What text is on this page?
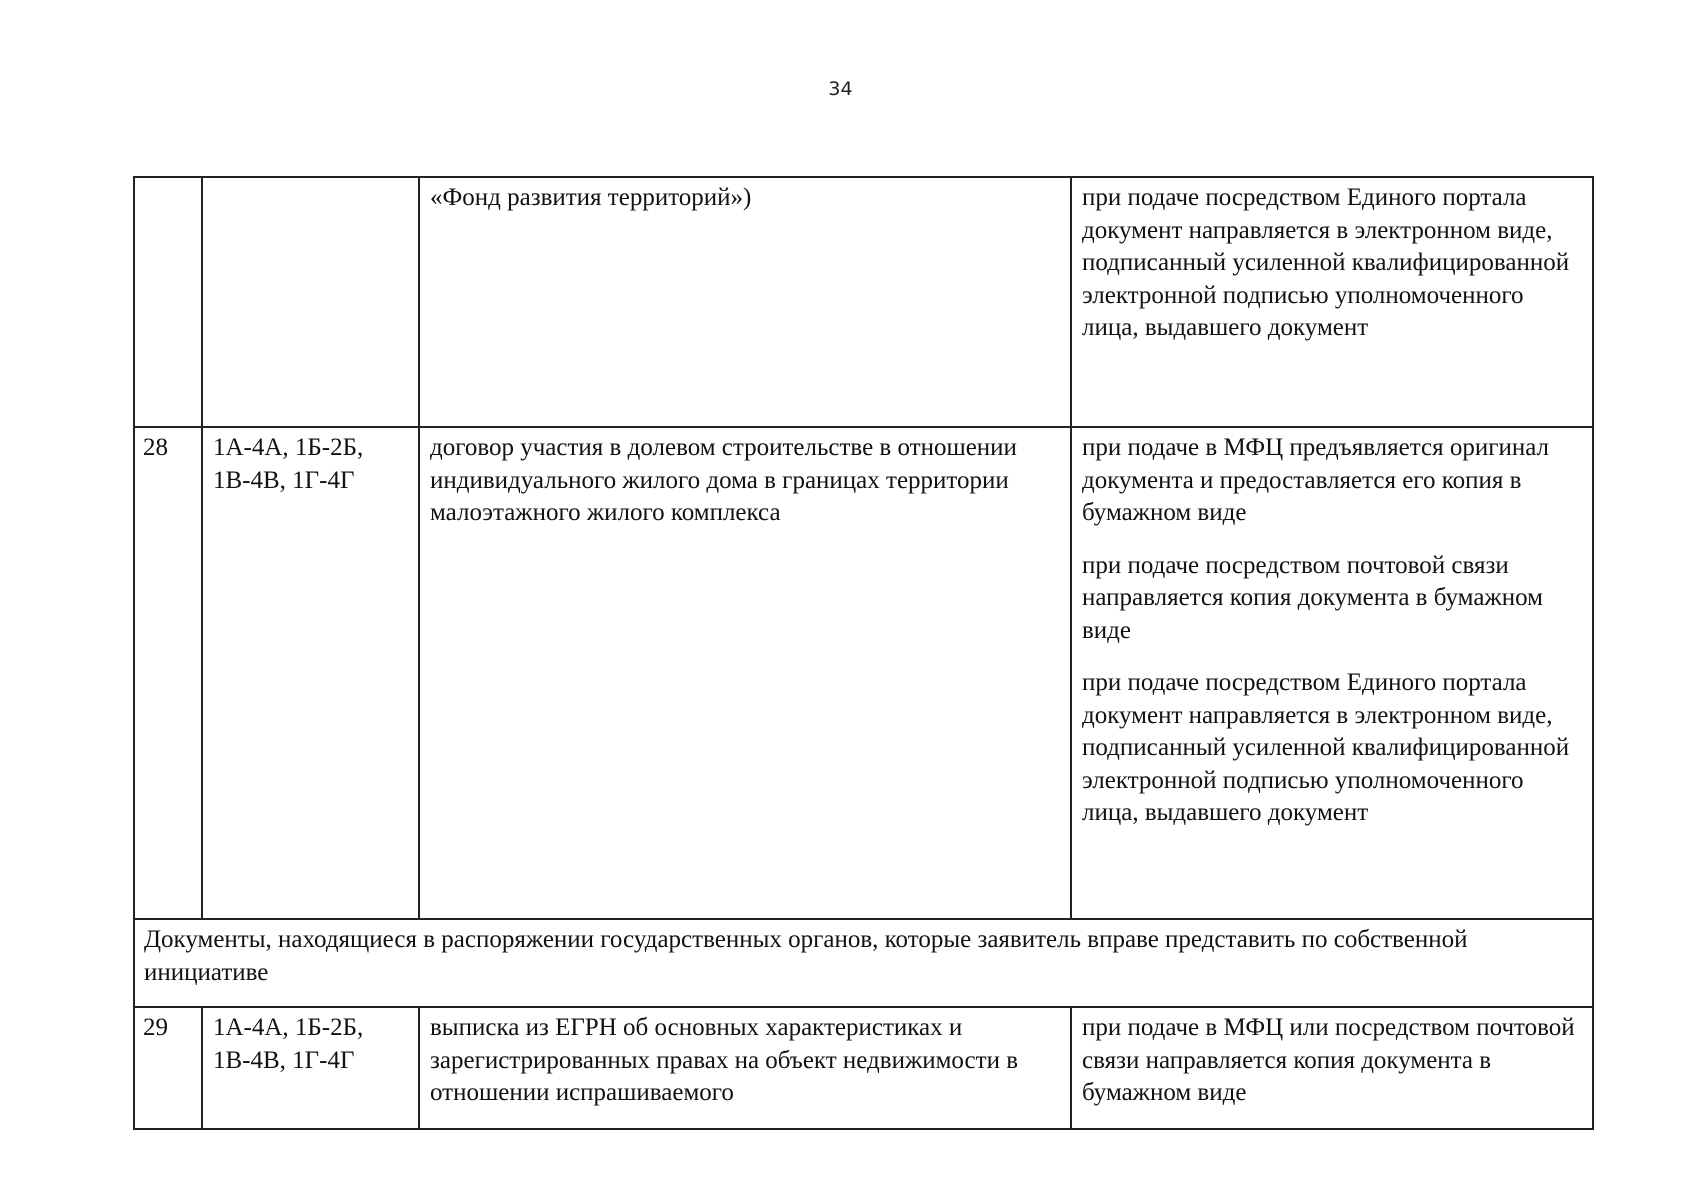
34
		«Фонд развития территорий»)	при подаче посредством Единого портала документ направляется в электронном виде, подписанный усиленной квалифицированной электронной подписью уполномоченного лица, выдавшего документ

28	1А-4А, 1Б-2Б, 1В-4В, 1Г-4Г	договор участия в долевом строительстве в отношении индивидуального жилого дома в границах территории малоэтажного жилого комплекса	при подаче в МФЦ предъявляется оригинал документа и предоставляется его копия в бумажном виде

при подаче посредством почтовой связи направляется копия документа в бумажном виде

при подаче посредством Единого портала документ направляется в электронном виде, подписанный усиленной квалифицированной электронной подписью уполномоченного лица, выдавшего документ

Документы, находящиеся в распоряжении государственных органов, которые заявитель вправе представить по собственной инициативе			
29	1А-4А, 1Б-2Б, 1В-4В, 1Г-4Г	выписка из ЕГРН об основных характеристиках и зарегистрированных правах на объект недвижимости в отношении испрашиваемого	при подаче в МФЦ или посредством почтовой связи направляется копия документа в бумажном виде
